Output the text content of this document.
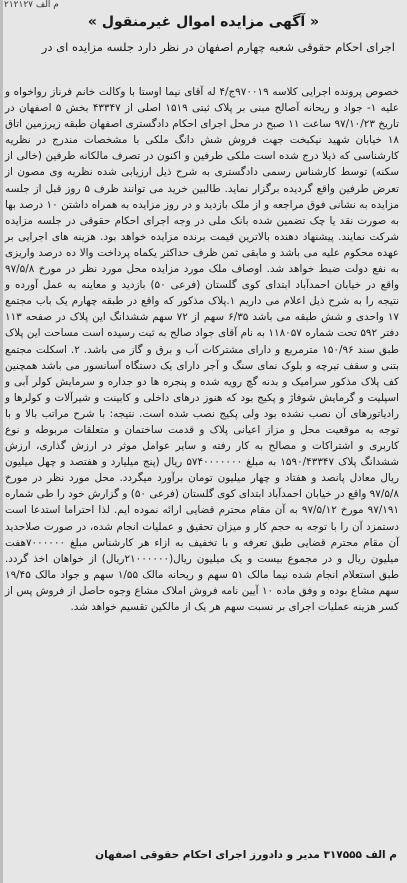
م الف ۲۱۲۱۲۷
« آگهی مزایده اموال غیرمنقول »
اجرای احکام حقوقی شعبه چهارم اصفهان در نظر دارد جلسه مزایده ای در
خصوص پرونده اجرایی کلاسه ۹۷۰۰۱۹ج/۴ له آقای نیما اوستا با وکالت خانم فرناز رواخواه و علیه ۱- جواد و ریحانه آصالح مبنی بر پلاک ثبتی ۱۵۱۹ اصلی از ۴۳۳۴۷ بخش ۵ اصفهان در تاریخ ۹۷/۱۰/۲۳ ساعت ۱۱ صبح در محل اجرای احکام دادگستری اصفهان طبقه زیرزمین اتاق ۱۸ خیابان شهید نیکبخت جهت فروش شش دانگ ملکی با مشخصات مندرج در نظریه کارشناسی که ذیلا درج شده است ملکی طرفین و اکنون در تصرف مالکانه طرفین (خالی از سکنه) توسط کارشناس رسمی دادگستری به شرح ذیل ارزیابی شده نظریه وی مصون از تعرض طرفین واقع گردیده برگزار نماید. طالبین خرید می توانند ظرف ۵ روز قبل از جلسه مزایده به نشانی فوق مراجعه و از ملک بازدید و در روز مزایده به همراه داشتن ۱۰ درصد بها به صورت نقد یا چک تضمین شده بانک ملی در وجه اجرای احکام حقوقی در جلسه مزایده شرکت نمایند. پیشنهاد دهنده بالاترین قیمت برنده مزایده خواهد بود. هزینه های اجرایی بر عهده محکوم علیه می باشد و مابقی ثمن ظرف حداکثر یکماه پرداخت والا ده درصد واریزی به نفع دولت ضبط خواهد شد. اوصاف ملک مورد مزایده محل مورد نظر در مورخ ۹۷/۵/۸ واقع در خیابان احمدآباد ابتدای کوی گلستان (فرعی ۵۰) بازدید و معاینه به عمل آورده و نتیجه را به شرح ذیل اعلام می داریم ۱.پلاک مذکور که واقع در طبقه چهارم یک باب مجتمع ۱۷ واحدی و شش طبقه می باشد ۶/۳۵ سهم از ۷۲ سهم ششدانگ این پلاک در صفحه ۱۱۳ دفتر ۵۹۲ تحت شماره ۱۱۸۰۵۷ به نام آقای جواد صالح به ثبت رسیده است مساحت این پلاک طبق سند ۱۵۰/۹۶ مترمربع و دارای مشترکات آب و برق و گاز می باشد. ۲. اسکلت مجتمع بتنی و سقف تیرچه و بلوک نمای سنگ و آجر دارای یک دستگاه آسانسور می باشد همچنین کف پلاک مذکور سرامیک و بدنه گچ رویه شده و پنجره ها دو جداره و سرمایش کولر آبی و اسپلیت و گرمایش شوفاژ و پکیج بود که هنوز درهای داخلی و کابینت و شیرآلات و کولرها و رادیاتورهای آن نصب نشده بود ولی پکیج نصب شده است. نتیجه: با شرح مراتب بالا و با توجه به موقعیت محل و مزاز اعیانی پلاک و قدمت ساختمان و متعلقات مربوطه و نوع کاربری و اشتراکات و مصالح به کار رفته و سایر عوامل موثر در ارزش گذاری، ارزش ششدانگ پلاک ۱۵۹۰/۴۳۳۴۷ به مبلغ ۵۷۴۰۰۰۰۰۰۰ ریال (پنج میلیارد و هفتصد و چهل میلیون ریال معادل پانصد و هفتاد و چهار میلیون تومان برآورد میگردد. محل مورد نظر در مورخ ۹۷/۵/۸ واقع در خیابان احمدآباد ابتدای کوی گلستان (فرعی ۵۰) و گزارش خود را طی شماره ۹۷/۱۹۱ مورخ ۹۷/۵/۱۲ به آن مقام محترم قضایی ارائه نموده ایم. لذا احتراما استدعا است دستمزد آن را با توجه به حجم کار و میزان تحقیق و عملیات انجام شده، در صورت صلاحدید آن مقام محترم قضایی طبق تعرفه و با تخفیف به ازاء هر کارشناس مبلغ ۷۰۰۰۰۰۰هفت میلیون ریال و در مجموع بیست و یک میلیون ریال(۲۱۰۰۰۰۰۰ریال) از خواهان اخذ گردد. طبق استعلام انجام شده نیما مالک ۵۱ سهم و ریحانه مالک ۱/۵۵ سهم و جواد مالک ۱۹/۴۵ سهم مشاع بوده و وفق ماده ۱۰ آیین نامه فروش املاک مشاع وجوه حاصل از فروش پس از کسر هزینه عملیات اجرای بر نسبت سهم هر یک از مالکین تقسیم خواهد شد.
م الف ۳۱۷۵۵۵ مدیر و دادورز اجرای احکام حقوقی اصفهان
